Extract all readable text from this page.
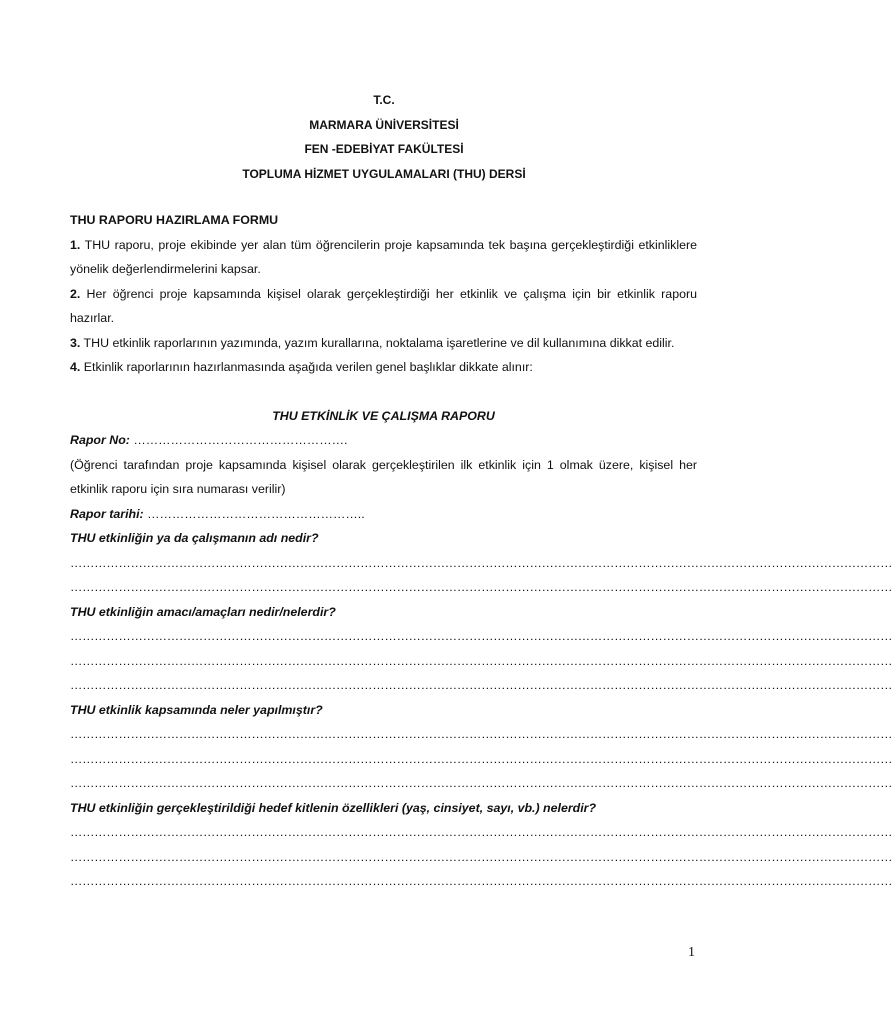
T.C.
MARMARA ÜNİVERSİTESİ
FEN -EDEBİYAT FAKÜLTESİ
TOPLUMA HİZMET UYGULAMALARI (THU) DERSİ
THU RAPORU HAZIRLAMA FORMU
1. THU raporu, proje ekibinde yer alan tüm öğrencilerin proje kapsamında tek başına gerçekleştirdiği etkinliklere yönelik değerlendirmelerini kapsar.
2. Her öğrenci proje kapsamında kişisel olarak gerçekleştirdiği her etkinlik ve çalışma için bir etkinlik raporu hazırlar.
3. THU etkinlik raporlarının yazımında, yazım kurallarına, noktalama işaretlerine ve dil kullanımına dikkat edilir.
4. Etkinlik raporlarının hazırlanmasında aşağıda verilen genel başlıklar dikkate alınır:
THU ETKİNLİK VE ÇALIŞMA RAPORU
Rapor No: …………………………………………….
(Öğrenci tarafından proje kapsamında kişisel olarak gerçekleştirilen ilk etkinlik için 1 olmak üzere, kişisel her etkinlik raporu için sıra numarası verilir)
Rapor tarihi: ……………………………………………..
THU etkinliğin ya da çalışmanın adı nedir?
……………………………………………………………………………………………………………………………………………………………………………………
……………………………………………………………………………………………………………………………………………………………………………………
THU etkinliğin amacı/amaçları nedir/nelerdir?
……………………………………………………………………………………………………………………………………………………………………………………
……………………………………………………………………………………………………………………………………………………………………………………
……………………………………………………………………………………………………………………………………………………………………………………
THU etkinlik kapsamında neler yapılmıştır?
……………………………………………………………………………………………………………………………………………………………………………………
……………………………………………………………………………………………………………………………………………………………………………………
……………………………………………………………………………………………………………………………………………………………………………………
THU etkinliğin gerçekleştirildiği hedef kitlenin özellikleri (yaş, cinsiyet, sayı, vb.) nelerdir?
……………………………………………………………………………………………………………………………………………………………………………………
……………………………………………………………………………………………………………………………………………………………………………………
……………………………………………………………………………………………………………………………………………………………………………………
1
